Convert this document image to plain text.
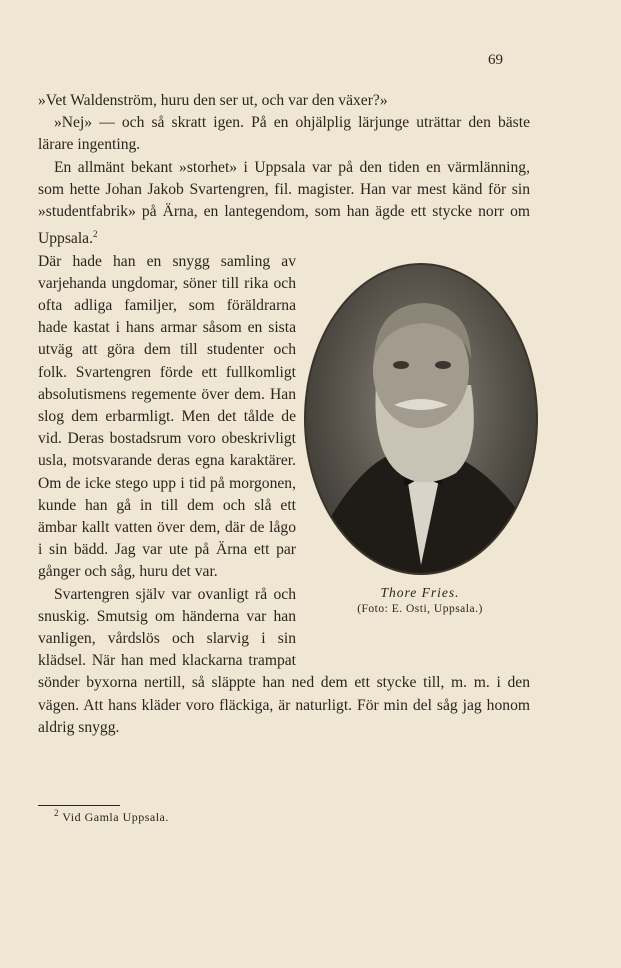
69

»Vet Waldenström, huru den ser ut, och var den växer?»

»Nej» — och så skratt igen. På en ohjälplig lärjunge uträttar den bäste lärare ingenting.

En allmänt bekant »storhet» i Uppsala var på den tiden en värmlänning, som hette Johan Jakob Svartengren, fil. magister. Han var mest känd för sin »studentfabrik» på Ärna, en lantegendom, som han ägde ett stycke norr om Uppsala.$^2$

Thore Fries.
(Foto: E. Osti, Uppsala.)
Där hade han en snygg samling av varjehanda ungdomar, söner till rika och ofta adliga familjer, som föräldrarna hade kastat i hans armar såsom en sista utväg att göra dem till studenter och folk. Svartengren förde ett fullkomligt absolutismens regemente över dem. Han slog dem erbarmligt. Men det tålde de vid. Deras bostadsrum voro obeskrivligt usla, motsvarande deras egna karaktärer. Om de icke stego upp i tid på morgonen, kunde han gå in till dem och slå ett ämbar kallt vatten över dem, där de lågo i sin bädd. Jag var ute på Ärna ett par gånger och såg, huru det var.

Svartengren själv var ovanligt rå och snuskig. Smutsig om händerna var han vanligen, vårdslös och slarvig i sin klädsel. När han med klackarna trampat sönder byxorna nertill, så släppte han ned dem ett stycke till, m. m. i den vägen. Att hans kläder voro fläckiga, är naturligt. För min del såg jag honom aldrig snygg.

$^2$ Vid Gamla Uppsala.
